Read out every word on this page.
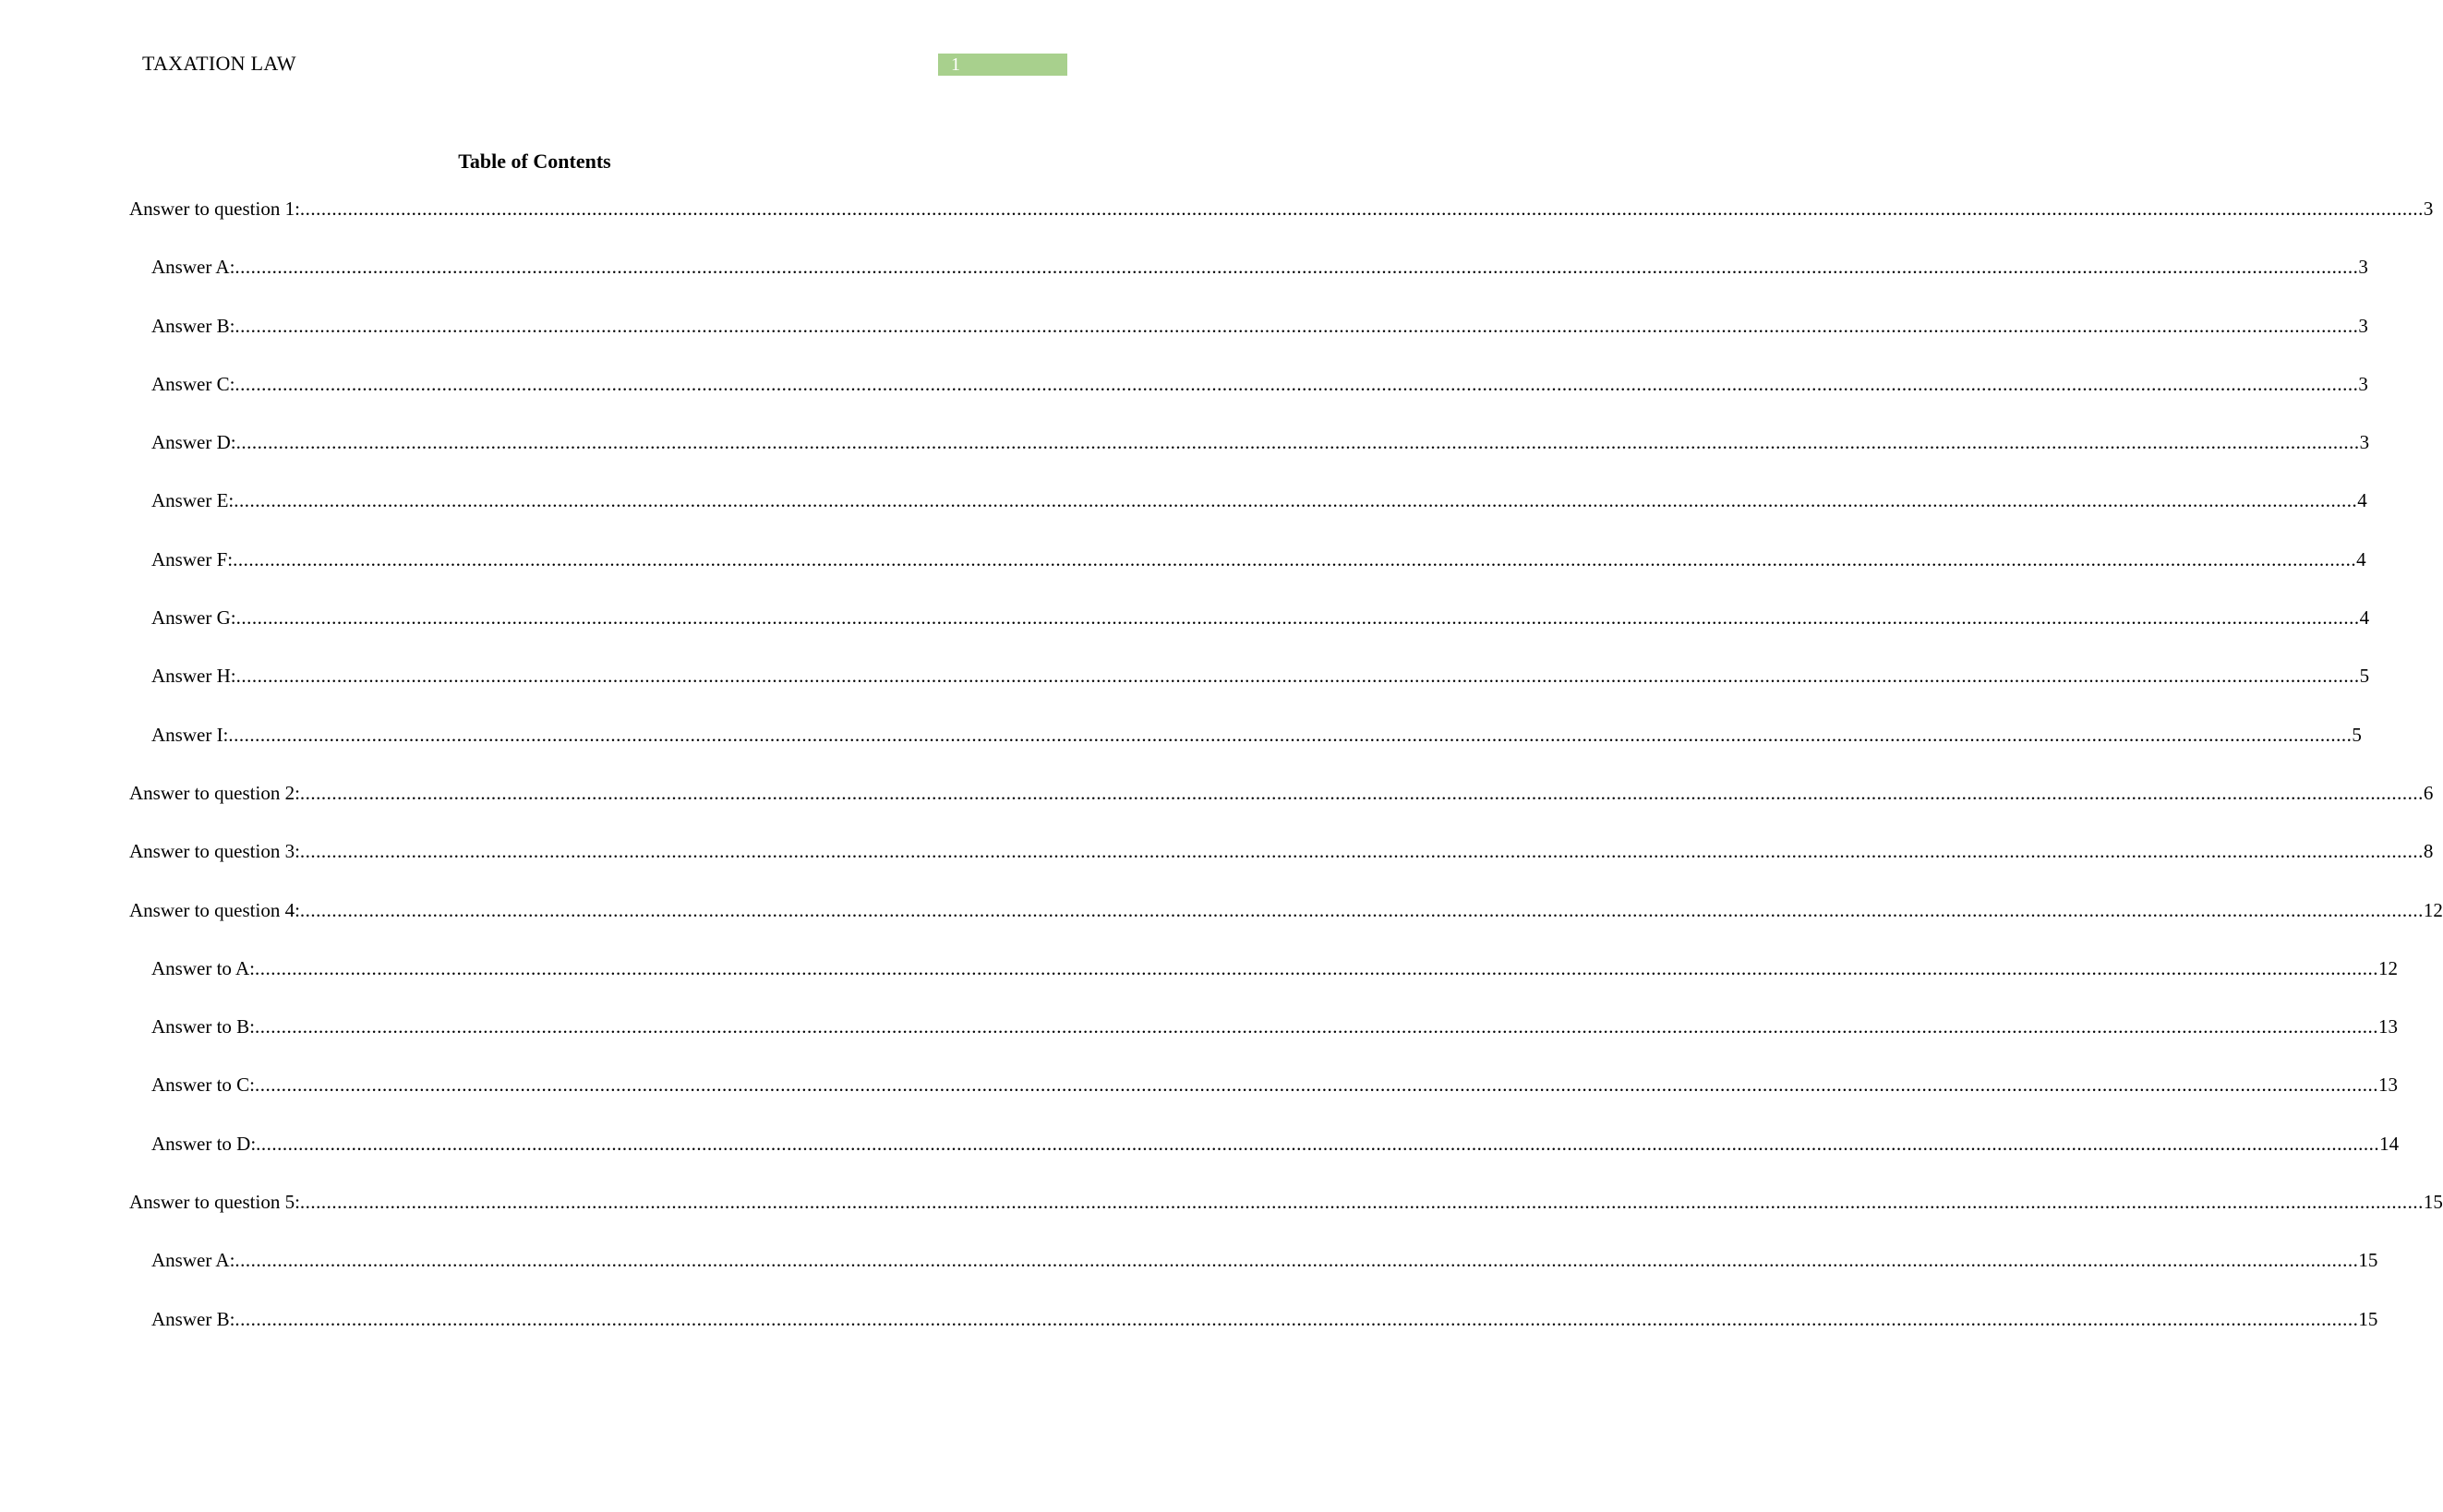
TAXATION LAW	1
Table of Contents
Answer to question 1: ................................................................................................................................................................................................................................................................................................................................................................................................................ 3
Answer A: ................................................................................................................................................................................................................................................................................................................................................................................................................ 3
Answer B: ................................................................................................................................................................................................................................................................................................................................................................................................................ 3
Answer C: ................................................................................................................................................................................................................................................................................................................................................................................................................ 3
Answer D: ................................................................................................................................................................................................................................................................................................................................................................................................................ 3
Answer E: ................................................................................................................................................................................................................................................................................................................................................................................................................ 4
Answer F: ................................................................................................................................................................................................................................................................................................................................................................................................................ 4
Answer G: ................................................................................................................................................................................................................................................................................................................................................................................................................ 4
Answer H: ................................................................................................................................................................................................................................................................................................................................................................................................................ 5
Answer I: ................................................................................................................................................................................................................................................................................................................................................................................................................ 5
Answer to question 2: ................................................................................................................................................................................................................................................................................................................................................................................................................ 6
Answer to question 3: ................................................................................................................................................................................................................................................................................................................................................................................................................ 8
Answer to question 4: ................................................................................................................................................................................................................................................................................................................................................................................................................ 12
Answer to A: ................................................................................................................................................................................................................................................................................................................................................................................................................ 12
Answer to B: ................................................................................................................................................................................................................................................................................................................................................................................................................ 13
Answer to C: ................................................................................................................................................................................................................................................................................................................................................................................................................ 13
Answer to D: ................................................................................................................................................................................................................................................................................................................................................................................................................ 14
Answer to question 5: ................................................................................................................................................................................................................................................................................................................................................................................................................ 15
Answer A: ................................................................................................................................................................................................................................................................................................................................................................................................................ 15
Answer B: ................................................................................................................................................................................................................................................................................................................................................................................................................ 15
